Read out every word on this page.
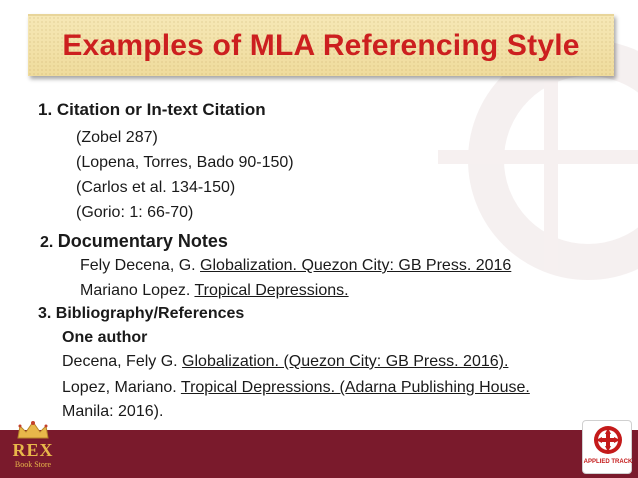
Examples of MLA Referencing Style
1. Citation or In-text Citation
(Zobel 287)
(Lopena, Torres, Bado 90-150)
(Carlos et al. 134-150)
(Gorio: 1: 66-70)
2. Documentary Notes
Fely Decena, G. Globalization. Quezon City: GB Press. 2016
Mariano Lopez. Tropical Depressions.
3. Bibliography/References
One author
Decena, Fely G. Globalization. (Quezon City: GB Press. 2016).
Lopez, Mariano. Tropical Depressions. (Adarna Publishing House.
Manila: 2016).
REX
Book Store	APPLIED TRACK
